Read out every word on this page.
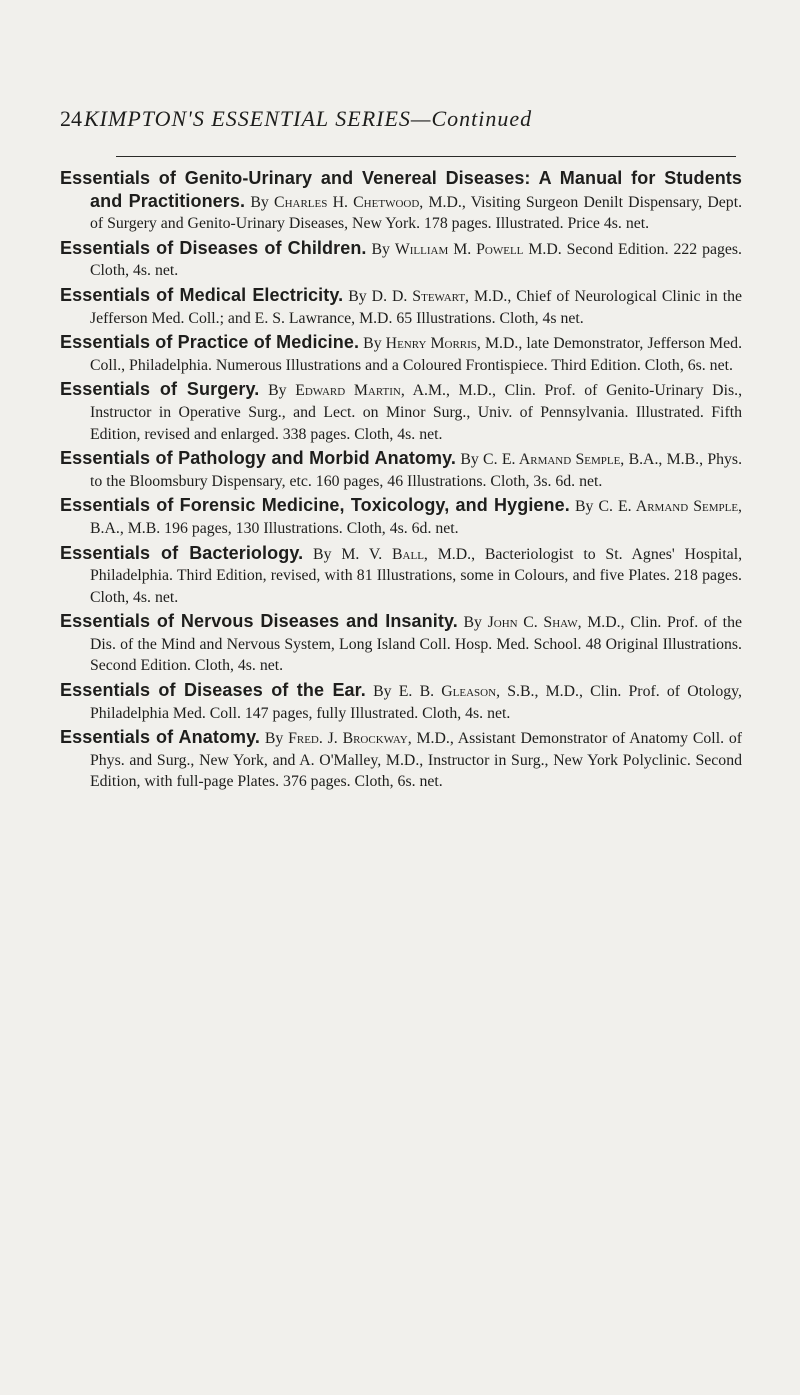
24 KIMPTON'S ESSENTIAL SERIES—Continued

Essentials of Genito-Urinary and Venereal Diseases: A Manual for Students and Practitioners. By Charles H. Chetwood, M.D., Visiting Surgeon Denilt Dispensary, Dept. of Surgery and Genito-Urinary Diseases, New York. 178 pages. Illustrated. Price 4s. net.

Essentials of Diseases of Children. By William M. Powell M.D. Second Edition. 222 pages. Cloth, 4s. net.

Essentials of Medical Electricity. By D. D. Stewart, M.D., Chief of Neurological Clinic in the Jefferson Med. Coll.; and E. S. Lawrance, M.D. 65 Illustrations. Cloth, 4s net.

Essentials of Practice of Medicine. By Henry Morris, M.D., late Demonstrator, Jefferson Med. Coll., Philadelphia. Numerous Illustrations and a Coloured Frontispiece. Third Edition. Cloth, 6s. net.

Essentials of Surgery. By Edward Martin, A.M., M.D., Clin. Prof. of Genito-Urinary Dis., Instructor in Operative Surg., and Lect. on Minor Surg., Univ. of Pennsylvania. Illustrated. Fifth Edition, revised and enlarged. 338 pages. Cloth, 4s. net.

Essentials of Pathology and Morbid Anatomy. By C. E. Armand Semple, B.A., M.B., Phys. to the Bloomsbury Dispensary, etc. 160 pages, 46 Illustrations. Cloth, 3s. 6d. net.

Essentials of Forensic Medicine, Toxicology, and Hygiene. By C. E. Armand Semple, B.A., M.B. 196 pages, 130 Illustrations. Cloth, 4s. 6d. net.

Essentials of Bacteriology. By M. V. Ball, M.D., Bacteriologist to St. Agnes' Hospital, Philadelphia. Third Edition, revised, with 81 Illustrations, some in Colours, and five Plates. 218 pages. Cloth, 4s. net.

Essentials of Nervous Diseases and Insanity. By John C. Shaw, M.D., Clin. Prof. of the Dis. of the Mind and Nervous System, Long Island Coll. Hosp. Med. School. 48 Original Illustrations. Second Edition. Cloth, 4s. net.

Essentials of Diseases of the Ear. By E. B. Gleason, S.B., M.D., Clin. Prof. of Otology, Philadelphia Med. Coll. 147 pages, fully Illustrated. Cloth, 4s. net.

Essentials of Anatomy. By Fred. J. Brockway, M.D., Assistant Demonstrator of Anatomy Coll. of Phys. and Surg., New York, and A. O'Malley, M.D., Instructor in Surg., New York Polyclinic. Second Edition, with full-page Plates. 376 pages. Cloth, 6s. net.
